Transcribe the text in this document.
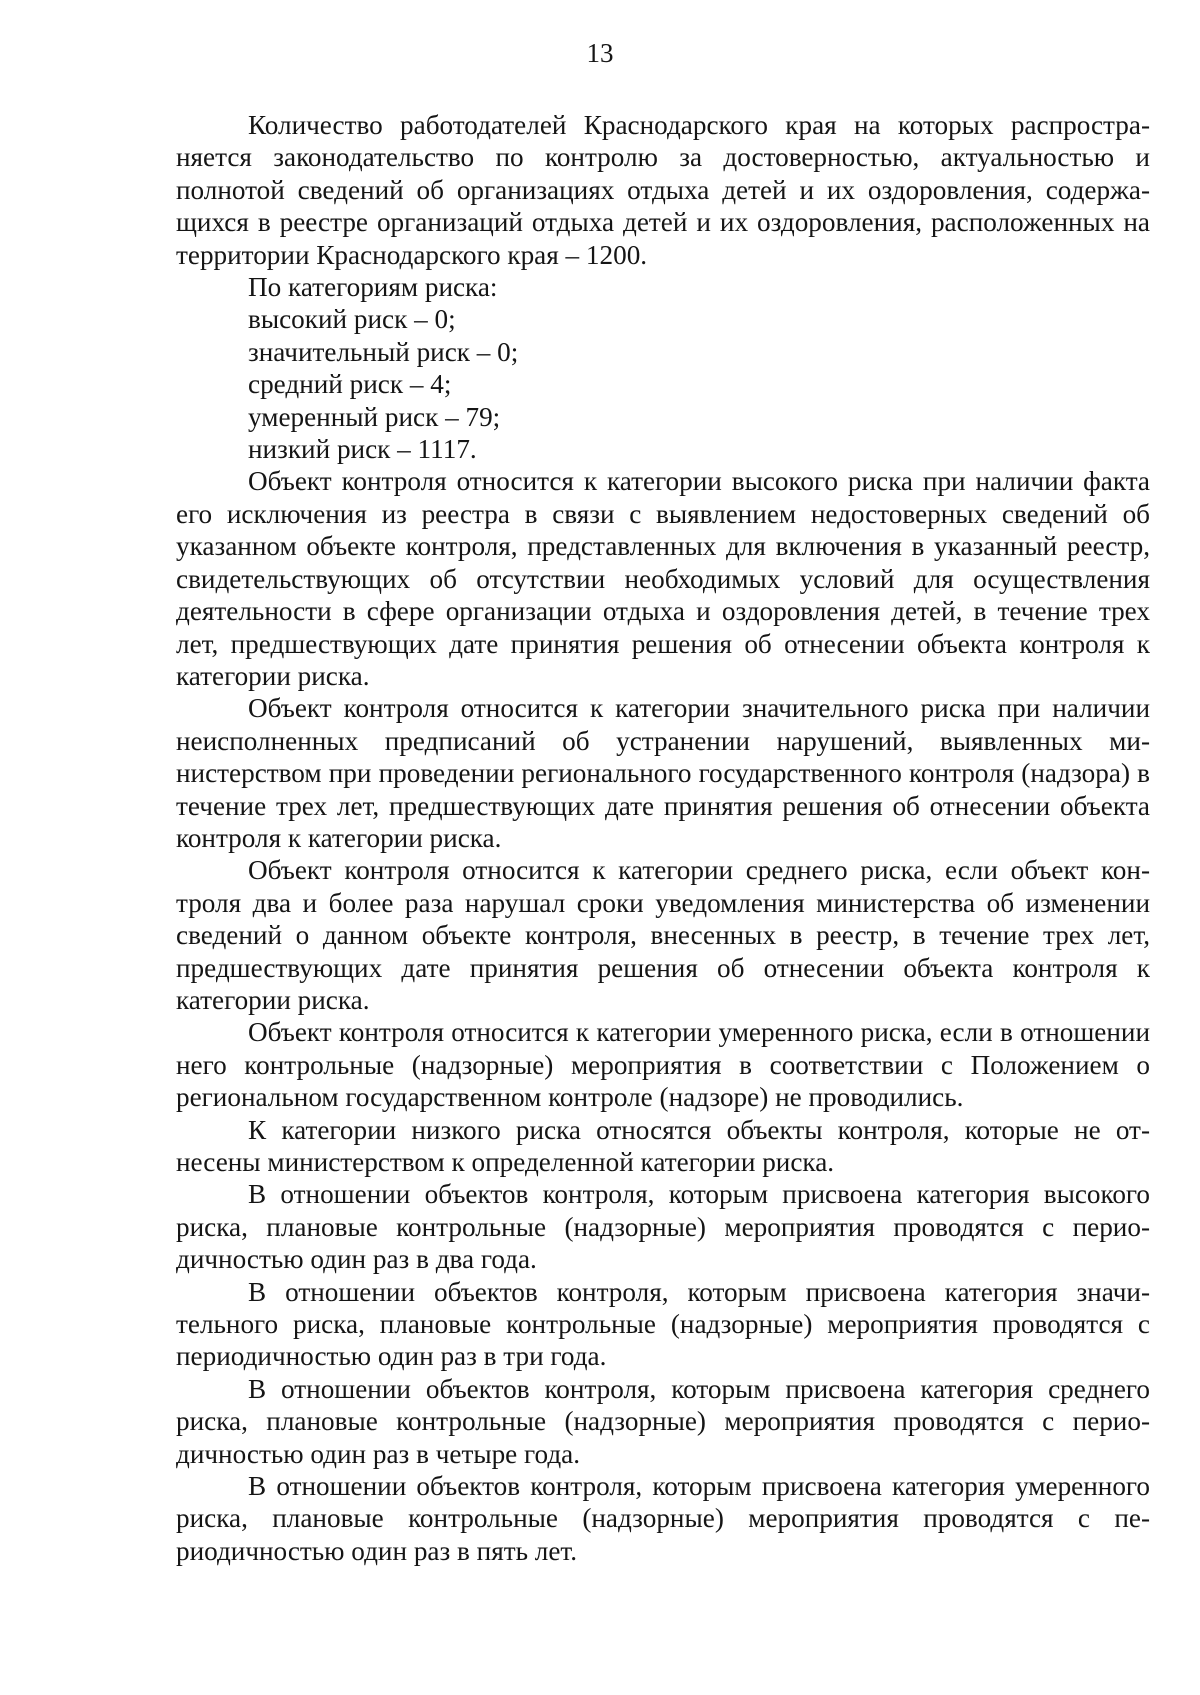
13

Количество работодателей Краснодарского края на которых распространяется законодательство по контролю за достоверностью, актуальностью и полнотой сведений об организациях отдыха детей и их оздоровления, содержащихся в реестре организаций отдыха детей и их оздоровления, расположенных на территории Краснодарского края – 1200.

По категориям риска:

высокий риск – 0;
значительный риск – 0;
средний риск – 4;
умеренный риск – 79;
низкий риск – 1117.

Объект контроля относится к категории высокого риска при наличии факта его исключения из реестра в связи с выявлением недостоверных сведений об указанном объекте контроля, представленных для включения в указанный реестр, свидетельствующих об отсутствии необходимых условий для осуществления деятельности в сфере организации отдыха и оздоровления детей, в течение трех лет, предшествующих дате принятия решения об отнесении объекта контроля к категории риска.

Объект контроля относится к категории значительного риска при наличии неисполненных предписаний об устранении нарушений, выявленных министерством при проведении регионального государственного контроля (надзора) в течение трех лет, предшествующих дате принятия решения об отнесении объекта контроля к категории риска.

Объект контроля относится к категории среднего риска, если объект контроля два и более раза нарушал сроки уведомления министерства об изменении сведений о данном объекте контроля, внесенных в реестр, в течение трех лет, предшествующих дате принятия решения об отнесении объекта контроля к категории риска.

Объект контроля относится к категории умеренного риска, если в отношении него контрольные (надзорные) мероприятия в соответствии с Положением о региональном государственном контроле (надзоре) не проводились.

К категории низкого риска относятся объекты контроля, которые не отнесены министерством к определенной категории риска.

В отношении объектов контроля, которым присвоена категория высокого риска, плановые контрольные (надзорные) мероприятия проводятся с периодичностью один раз в два года.

В отношении объектов контроля, которым присвоена категория значительного риска, плановые контрольные (надзорные) мероприятия проводятся с периодичностью один раз в три года.

В отношении объектов контроля, которым присвоена категория среднего риска, плановые контрольные (надзорные) мероприятия проводятся с периодичностью один раз в четыре года.

В отношении объектов контроля, которым присвоена категория умеренного риска, плановые контрольные (надзорные) мероприятия проводятся с периодичностью один раз в пять лет.
